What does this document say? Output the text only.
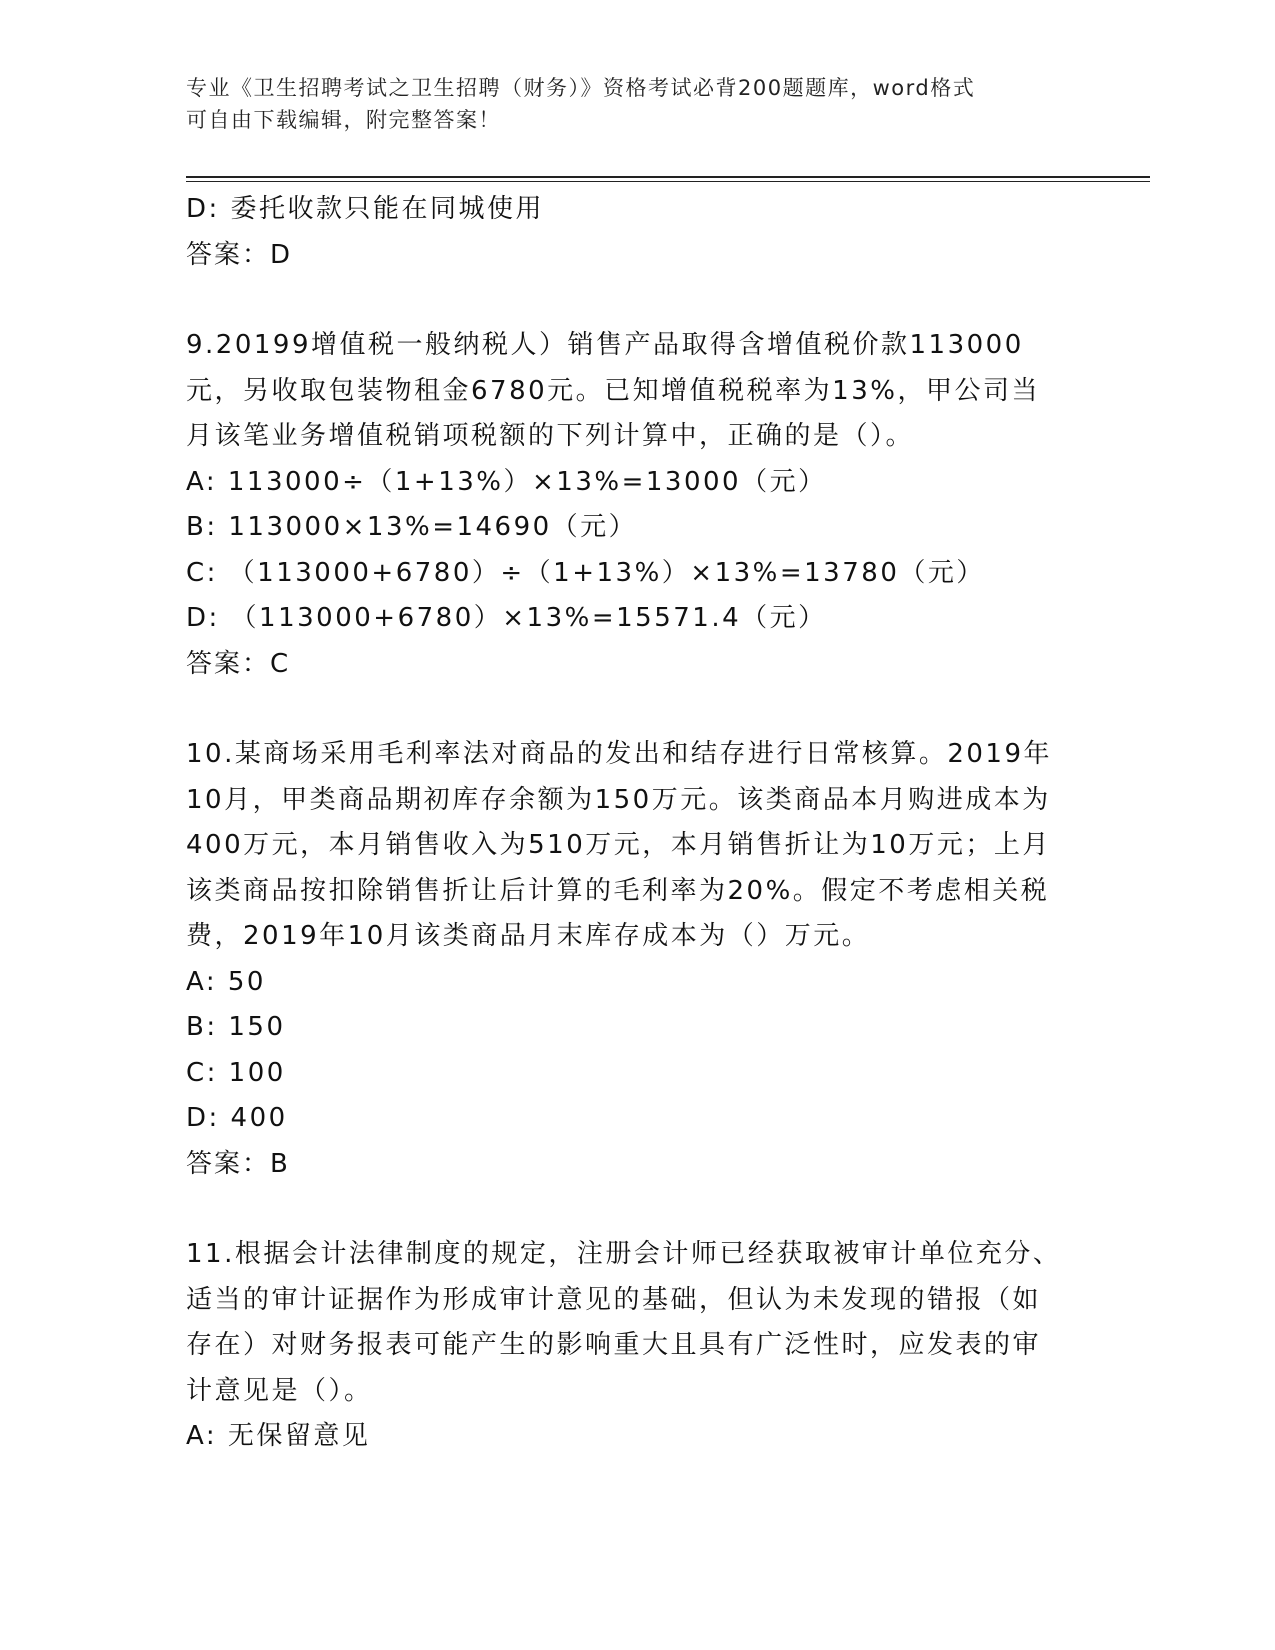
专业《卫生招聘考试之卫生招聘（财务）》资格考试必背200题题库，word格式
可自由下载编辑，附完整答案！

D: 委托收款只能在同城使用

答案：D

9.20199增值税一般纳税人）销售产品取得含增值税价款113000元，另收取包装物租金6780元。已知增值税税率为13%，甲公司当月该笔业务增值税销项税额的下列计算中，正确的是（）。

A: 113000÷（1+13%）×13%=13000（元）

B: 113000×13%=14690（元）

C: （113000+6780）÷（1+13%）×13%=13780（元）

D: （113000+6780）×13%=15571.4（元）

答案：C

10.某商场采用毛利率法对商品的发出和结存进行日常核算。2019年10月，甲类商品期初库存余额为150万元。该类商品本月购进成本为400万元，本月销售收入为510万元，本月销售折让为10万元；上月该类商品按扣除销售折让后计算的毛利率为20%。假定不考虑相关税费，2019年10月该类商品月末库存成本为（）万元。

A: 50

B: 150

C: 100

D: 400

答案：B

11.根据会计法律制度的规定，注册会计师已经获取被审计单位充分、适当的审计证据作为形成审计意见的基础，但认为未发现的错报（如存在）对财务报表可能产生的影响重大且具有广泛性时，应发表的审计意见是（）。

A: 无保留意见
